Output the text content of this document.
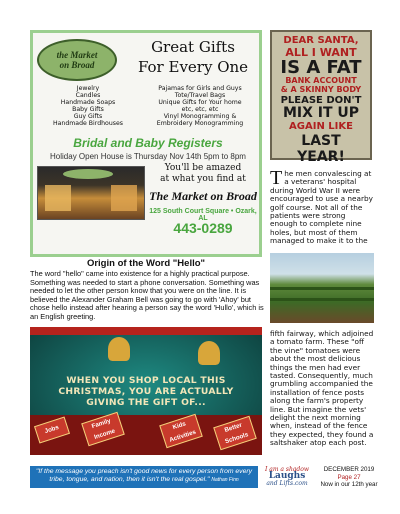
the Market
on Broad
Great Gifts
For Every One
Jewelry
Candles
Handmade Soaps
Baby Gifts
Guy Gifts
Handmade Birdhouses
Pajamas for Girls and Guys
Tote/Travel Bags
Unique Gifts for Your home
etc, etc, etc
Vinyl Monogramming &
Embroidery Monogramming
Bridal and Baby Registers
Holiday Open House is Thursday Nov 14th 5pm to 8pm
You'll be amazed
at what you find at
The Market on Broad
125 South Court Square • Ozark, AL
443-0289
DEAR SANTA,
ALL I WANT
IS A FAT
BANK ACCOUNT
& A SKINNY BODY
PLEASE DON'T
MIX IT UP
AGAIN LIKE
LAST YEAR!
The men convalescing at a veterans' hospital during World War II were encouraged to use a nearby golf course. Not all of the patients were strong enough to complete nine holes, but most of them managed to make it to the
fifth fairway, which adjoined a tomato farm. These "off the vine" tomatoes were about the most delicious things the men had ever tasted. Consequently, much grumbling accompanied the installation of fence posts along the farm's property line. But imagine the vets' delight the next morning when, instead of the fence they expected, they found a saltshaker atop each post.
Origin of the Word "Hello"
The word "hello" came into existence for a highly practical purpose. Something was needed to start a phone conversation. Something was needed to let the other person know that you were on the line. It is believed the Alexander Graham Bell was going to go with 'Ahoy' but chose hello instead after hearing a person say the word 'Hullo', which is an English greeting.
WHEN YOU SHOP LOCAL THIS CHRISTMAS, YOU ARE ACTUALLY GIVING THE GIFT OF...
Jobs	Family Income
Kids Activities
Better Schools
"If the message you preach isn't good news for every person from every tribe, tongue, and nation, then it isn't the real gospel." Nathan Finn
I am a shadow
Laughs
and Lifts.com
DECEMBER 2019
Page 27
Now in our 12th year
